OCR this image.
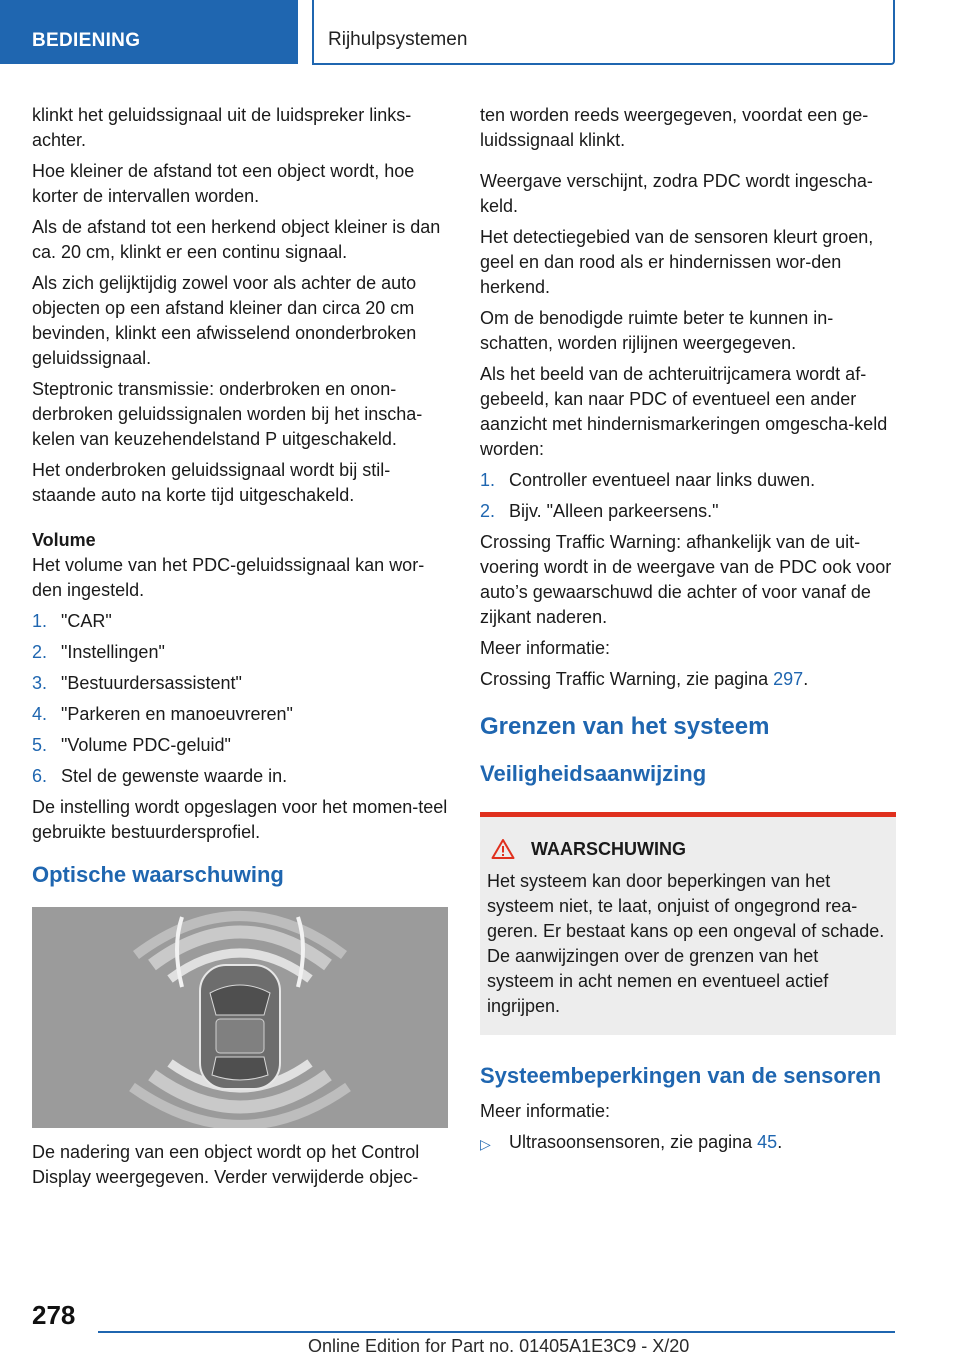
BEDIENING	Rijhulpsystemen

klinkt het geluidssignaal uit de luidspreker links-achter.

Hoe kleiner de afstand tot een object wordt, hoe korter de intervallen worden.

Als de afstand tot een herkend object kleiner is dan ca. 20 cm, klinkt er een continu signaal.

Als zich gelijktijdig zowel voor als achter de auto objecten op een afstand kleiner dan circa 20 cm bevinden, klinkt een afwisselend ononderbroken geluidssignaal.

Steptronic transmissie: onderbroken en onon-derbroken geluidssignalen worden bij het inscha-kelen van keuzehendelstand P uitgeschakeld.

Het onderbroken geluidssignaal wordt bij stil-staande auto na korte tijd uitgeschakeld.

Volume

Het volume van het PDC-geluidssignaal kan wor-den ingesteld.

1. "CAR"
2. "Instellingen"
3. "Bestuurdersassistent"
4. "Parkeren en manoeuvreren"
5. "Volume PDC-geluid"
6. Stel de gewenste waarde in.

De instelling wordt opgeslagen voor het momen-teel gebruikte bestuurdersprofiel.

Optische waarschuwing

De nadering van een object wordt op het Control Display weergegeven. Verder verwijderde objec-

ten worden reeds weergegeven, voordat een ge-luidssignaal klinkt.

Weergave verschijnt, zodra PDC wordt ingescha-keld.

Het detectiegebied van de sensoren kleurt groen, geel en dan rood als er hindernissen wor-den herkend.

Om de benodigde ruimte beter te kunnen in-schatten, worden rijlijnen weergegeven.

Als het beeld van de achteruitrijcamera wordt af-gebeeld, kan naar PDC of eventueel een ander aanzicht met hindernismarkeringen omgescha-keld worden:

1. Controller eventueel naar links duwen.
2. Bijv. "Alleen parkeersens."

Crossing Traffic Warning: afhankelijk van de uit-voering wordt in de weergave van de PDC ook voor auto’s gewaarschuwd die achter of voor vanaf de zijkant naderen.

Meer informatie:

Crossing Traffic Warning, zie pagina 297.

Grenzen van het systeem
Veiligheidsaanwijzing
WAARSCHUWING
Het systeem kan door beperkingen van het systeem niet, te laat, onjuist of ongegrond rea-geren. Er bestaat kans op een ongeval of schade. De aanwijzingen over de grenzen van het systeem in acht nemen en eventueel actief ingrijpen.
Systeembeperkingen van de sensoren

Meer informatie:

▷	Ultrasoonsensoren, zie pagina 45.
278
Online Edition for Part no. 01405A1E3C9 - X/20
